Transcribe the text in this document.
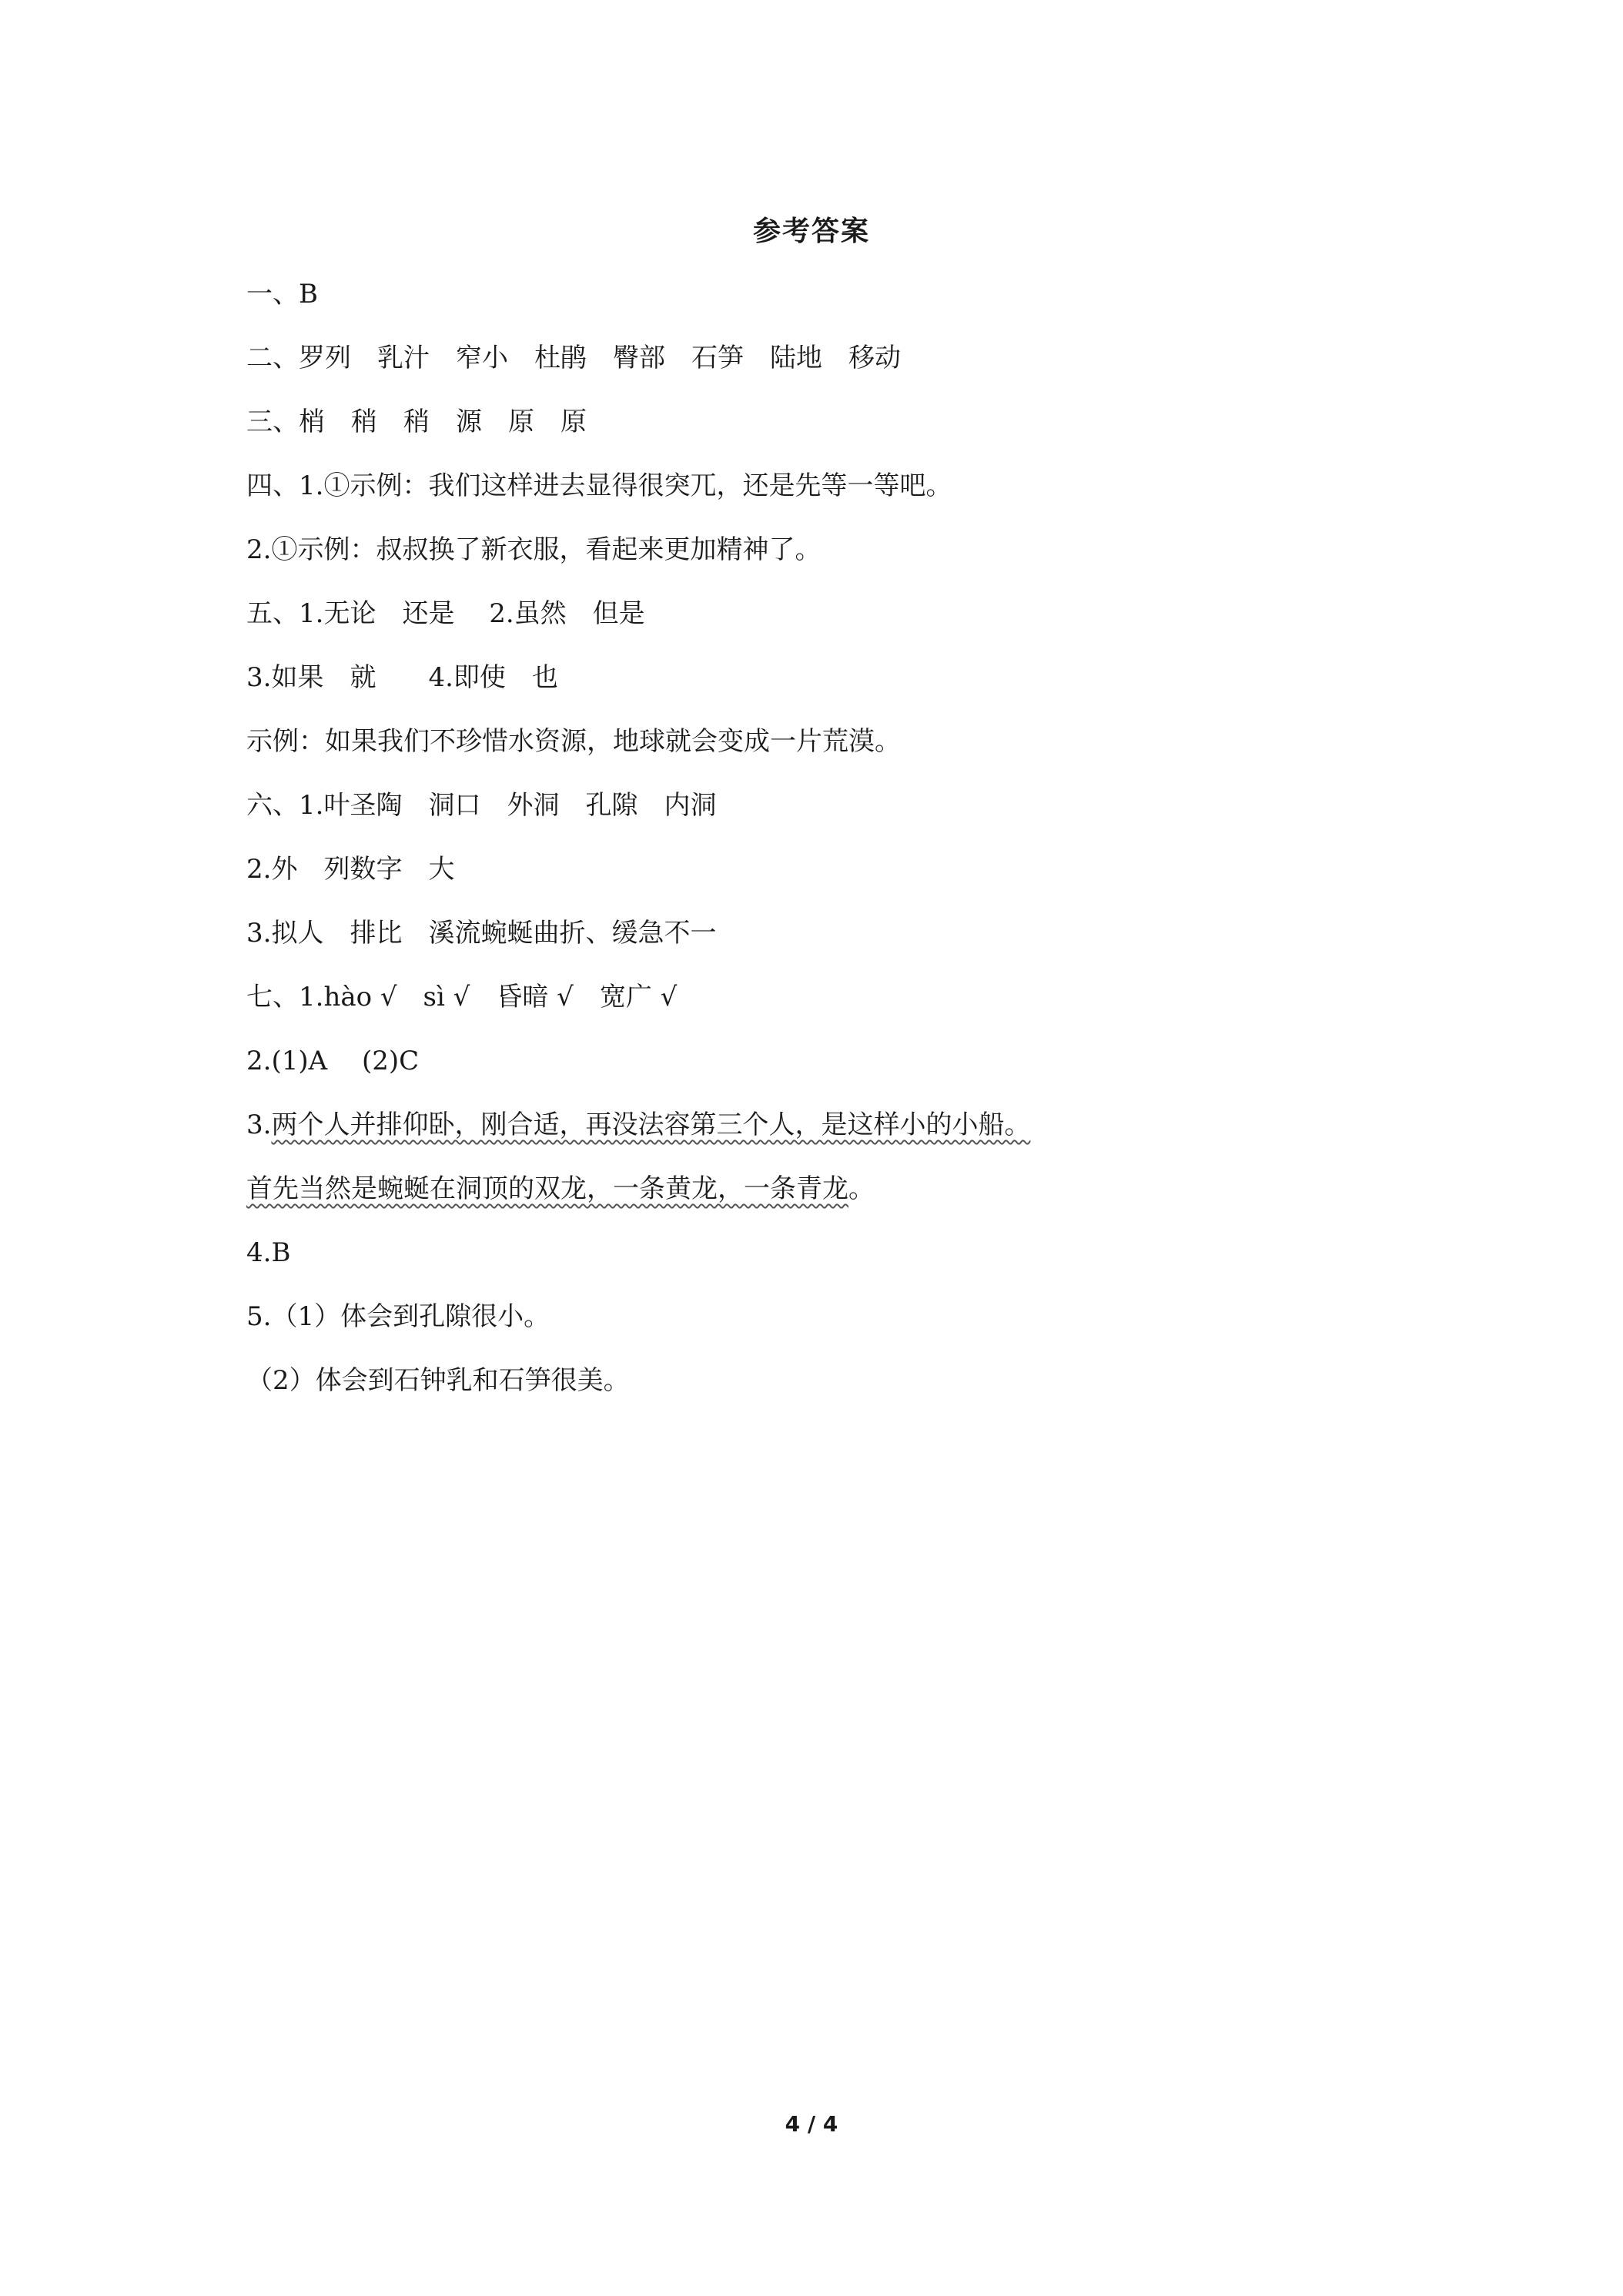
参考答案
一、B
二、罗列　乳汁　窄小　杜鹃　臀部　石笋　陆地　移动
三、梢　稍　稍　源　原　原
四、1.①示例：我们这样进去显得很突兀，还是先等一等吧。
2.①示例：叔叔换了新衣服，看起来更加精神了。
五、1.无论　还是　 2.虽然　但是
3.如果　就　　4.即使　也
示例：如果我们不珍惜水资源，地球就会变成一片荒漠。
六、1.叶圣陶　洞口　外洞　孔隙　内洞
2.外　列数字　大
3.拟人　排比　溪流蜿蜒曲折、缓急不一
七、1.hào √　sì √　昏暗 √　宽广 √
2.(1)A　 (2)C
3.两个人并排仰卧，刚合适，再没法容第三个人，是这样小的小船。
首先当然是蜿蜒在洞顶的双龙，一条黄龙，一条青龙。
4.B
5.（1）体会到孔隙很小。
（2）体会到石钟乳和石笋很美。
4 / 4
